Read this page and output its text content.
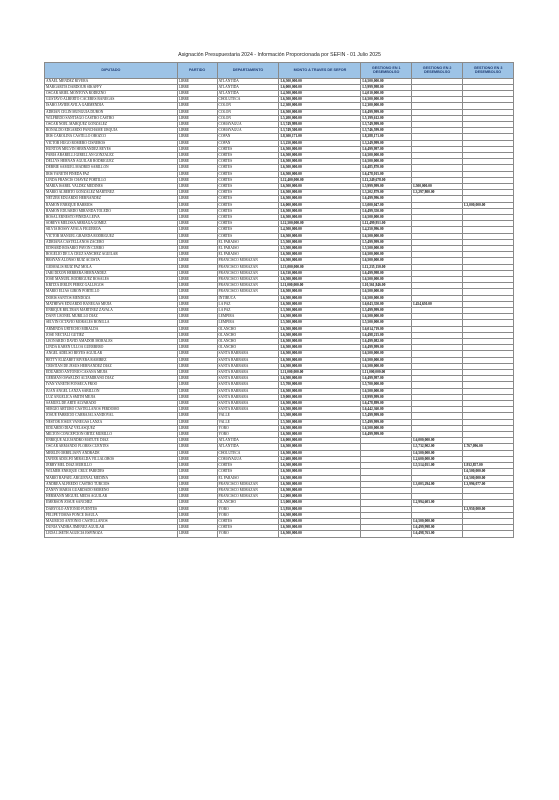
Asignación Presupuestaria 2024 - Información Proporcionada por SEFIN - 01 Julio 2025
DIPUTADO	PARTIDO	DEPARTAMENTO	MONTO A TRAVES DE SEFOR	GESTIONO EN 1 DESEMBOLSO	GESTIONO EN 2 DESEMBOLSO	GESTIONO EN 3 DESEMBOLSO
ANAEL MENDEZ RIVERA	LIBRE	ATLANTIDA	L6,500,000.00	L6,500,000.00		
MARGARITA DABDOUB SIKAFFY	LIBRE	ATLANTIDA	L6,000,000.00	L5,999,998.00		
OSCAR ARIEL MONTOYA RODEZNO	LIBRE	ATLANTIDA	L4,500,000.00	L4,010,000.00		
GUSTAVO ALBERTO CACERES BANEGAS	LIBRE	CHOLUTECA	L6,500,000.00	L6,500,000.00		
ISABO JAVIER AVILA GARMENDIA	LIBRE	COLON	L2,300,000.00	L2,300,000.00		
ADRIAN CELIN MUNGUIA DUBON	LIBRE	COLON	L6,500,000.00	L6,499,999.00		
WILFREDO SANTIAGO CASTRO CASTRO	LIBRE	COLON	L5,200,000.00	L5,199,612.00		
OSCAR NOEL MARQUEZ GONZALEZ	LIBRE	COMAYAGUA	L3,749,999.00	L3,749,999.00		
RONALDO EDGARDO PANCHAME URQUIA	LIBRE	COMAYAGUA	L3,749,500.00	L3,746,599.00		
IRIS CAROLINA CASTILLO OROZCO	LIBRE	COPAN	L8,300,171.00	L8,288,171.00		
VICTOR HUGO ROMERO CISNEROS	LIBRE	COPAN	L3,250,000.00	L3,249,999.00		
HUNTON MELVIN HERNANDEZ REYES	LIBRE	CORTES	L6,500,000.00	L6,499,997.00		
FABIA ABARELLI GIRELLAN GONZALEZ	LIBRE	CORTES	L6,500,000.00	L6,500,000.00		
DELLYS HERNAN AGUILAR RODRIGUEZ	LIBRE	CORTES	L6,500,000.00	L6,500,000.00		
DEBBIE SAMUEL MADRID SABILLON	LIBRE	CORTES	L6,500,000.00	L6,485,870.00		
IRIS YANETH PINEDA PAZ	LIBRE	CORTES	L6,500,000.00	L6,478,015.00		
LINDA FRANCIS CHAVEZ PORTILLO	LIBRE	CORTES	L12,400,000.00	L12,249,678.00		
MARIA ISABEL VALDEZ MEDINES	LIBRE	CORTES	L6,500,000.00	L5,999,999.00	L500,000.00	
MARIO ALBERTO GONZALEZ MARTINEZ	LIBRE	CORTES	L6,500,000.00	L3,202,879.00	L3,297,800.00	
NETZER EDUARDO HERNANDEZ	LIBRE	CORTES	L6,500,000.00	L6,499,996.00		
RAMON ENRIQUE BARRIOS	LIBRE	CORTES	L6,000,000.00	L3,000,047.00		L3,000,000.00
RAMON EDUARDO MIRANDA TOLEDO	LIBRE	CORTES	L6,500,000.00	L6,499,350.00		
ROSAL ERNESTO PINEDA LEIVA	LIBRE	CORTES	L6,500,000.00	L6,500,000.00		
SOBEYS MELISSA ARRIAGA GOMEZ	LIBRE	CORTES	L12,500,000.00	L12,499,951.00		
SILVIA ROSSY AYALA FIGUEROA	LIBRE	CORTES	L4,500,000.00	L4,250,996.00		
VICTOR MANUEL GRAJEDA RODRIGUEZ	LIBRE	CORTES	L6,500,000.00	L6,500,000.00		
ADRIANA CASTELLANOS ZACERO	LIBRE	EL PARAISO	L5,500,000.00	L5,499,999.00		
EDWARD ROSARIO PAVON CURRO	LIBRE	EL PARAISO	L5,500,000.00	L5,500,000.00		
ROGELIO DE LA CRUZ SANCHEZ AGUILAR	LIBRE	EL PARAISO	L6,500,000.00	L6,500,000.00		
BRAYAN ALONSO RUIZ ACOSTA	LIBRE	FRANCISCO MORAZAN	L6,500,000.00	L6,500,000.00		
GIOMALIS RUIZ PAZ MOLA	LIBRE	FRANCISCO MORAZAN	L13,000,000.00	L12,235,150.00		
JARI DIXON HERRERA HERNANDEZ	LIBRE	FRANCISCO MORAZAN	L6,530,000.00	L6,499,998.00		
JOSE MANUEL RODRIGUEZ ROSALES	LIBRE	FRANCISCO MORAZAN	L6,500,000.00	L6,500,000.00		
KRITZA JERLIN PEREZ GALLEGOS	LIBRE	FRANCISCO MORAZAN	L11,000,000.00	L10,561,846.00		
MARIO ELIAS GIRON PORTILLO	LIBRE	FRANCISCO MORAZAN	L6,500,000.00	L6,500,000.00		
DORIS SANTOS MENDOZA	LIBRE	INTIBUCA	L6,500,000.00	L6,500,000.00		
MATHEWS EDUARDO BANEGAS MEJIA	LIBRE	LA PAZ	L6,500,000.00	L6,043,350.00	L454,650.00	
ENRIQUE BELTRAN MARTINEZ ZAVALA	LIBRE	LA PAZ	L3,500,000.00	L3,499,999.00		
DANY LEONEL MURILLO DIAZ	LIBRE	LEMPIRA	L6,500,000.00	L6,500,000.00		
SELVIN OCTAVIO MORALES BONILLA	LIBRE	LEMPIRA	L5,500,000.00	L5,500,000.00		
ARMINDA URTECHO MIRALDA	LIBRE	OLANCHO	L6,500,000.00	L6,014,719.00		
JOSE NECTALI GUTIEZ	LIBRE	OLANCHO	L6,500,000.00	L6,498,215.00		
LEONARDO DAVID AMADOR MORALES	LIBRE	OLANCHO	L6,500,000.00	L6,499,082.00		
LINDA KAREN ULLOA GUERRERO	LIBRE	OLANCHO	L6,500,000.00	L6,499,999.00		
ANGEL ADELSO REYES AGUILAR	LIBRE	SANTA BARBARA	L6,500,000.00	L6,500,000.00		
BETTY ELIZABET RIVERA RAMIREZ	LIBRE	SANTA BARBARA	L6,500,000.00	L6,500,000.00		
CRISTIAN DE JESUS HERNANDEZ DIAZ	LIBRE	SANTA BARBARA	L6,500,000.00	L6,500,000.00		
EDUARDO ANTONIO CASAÑA MEJIA	LIBRE	SANTA BARBARA	L11,000,000.00	L11,000,000.00		
GERMAN OSWALDO ALTAMIRANO DIAZ	LIBRE	SANTA BARBARA	L6,500,000.00	L6,499,997.00		
IVAN YANETH FONSECA FROO	LIBRE	SANTA BARBARA	L5,700,000.00	L5,700,000.00		
JUAN ANGEL LANZA SABILLON	LIBRE	SANTA BARBARA	L6,500,000.00	L6,500,000.00		
LUZ ANGELICA SMITH MEJIA	LIBRE	SANTA BARBARA	L9,000,000.00	L8,999,999.00		
SAMUEL DE ARTE ALVARADO	LIBRE	SANTA BARBARA	L6,500,000.00	L6,478,899.00		
SERGIO ARTURO CASTELLANOS PERDOMO	LIBRE	SANTA BARBARA	L6,500,000.00	L6,442,360.00		
JOSUE FABRICIO CARBAJAL SANDOVAL	LIBRE	VALLE	L5,500,000.00	L5,499,999.00		
NESTOR JOSUE VANEGAS LANZA	LIBRE	VALLE	L5,500,000.00	L5,499,999.00		
EDUARDO DIAZ VELASQUEZ	LIBRE	YORO	L6,500,000.00	L6,500,000.00		
MILTON CONCEPCION ORTIZ MURILLO	LIBRE	YORO	L6,500,000.00	L6,499,999.00		
ENRIQUE ALEJANDRO MATUTE DIAZ	LIBRE	ATLANTIDA	L6,000,000.00		L6,000,000.00	
OSCAR ARMANDO FLORES CUENTES	LIBRE	ATLANTIDA	L6,500,000.00		L5,732,902.00	L767,096.00
MERLIN ORBELIANY ANDRADE	LIBRE	CHOLUTECA	L6,500,000.00		L6,500,000.00	
JAVIER ADOLFO MIRALDA VILLALOBOS	LIBRE	COMAYAGUA	L2,600,000.00		L2,600,000.00	
JERRY MEL DIAZ MURILLO	LIBRE	CORTES	L6,500,000.00		L5,514,051.00	L932,857.00
WILMER ENRIQUE CRUZ PAREDES	LIBRE	CORTES	L6,500,000.00			L6,500,000.00
MARIO RAFAEL ARGUENAL MEDINA	LIBRE	EL PARAISO	L6,500,000.00			L6,500,000.00
ANDREA ALFREDO CASTRO TURCIOS	LIBRE	FRANCISCO MORAZAN	L6,500,000.00		L3,003,294.00	L3,996,077.00
ZANNY MARIA GUARDADO MORENO	LIBRE	FRANCISCO MORAZAN	L6,500,000.00			
HERMANN MIGUEL MEDA AGUILAR	LIBRE	FRANCISCO MORAZAN	L2,000,000.00			
EMERSON JOSUE SANCHEZ	LIBRE	OLANCHO	L3,000,000.00		L2,994,603.00	
DARYOLO ANTONIO FUENTES	LIBRE	YORO	L3,950,000.00			L3,950,000.00
FELIPE TOMAS PONCE ISAULA	LIBRE	YORO	L6,500,000.00			
MAURICIO ANTONIO CASTELLANOS	LIBRE	CORTES	L6,500,000.00		L6,500,000.00	
DUNIA YADIRA JIMENEZ AGUILAR	LIBRE	CORTES	L6,500,000.00		L6,499,998.00	
LEDA LISETH AGUICIA ESPINOZA	LIBRE	YORO	L6,500,000.00		L6,498,763.00	
